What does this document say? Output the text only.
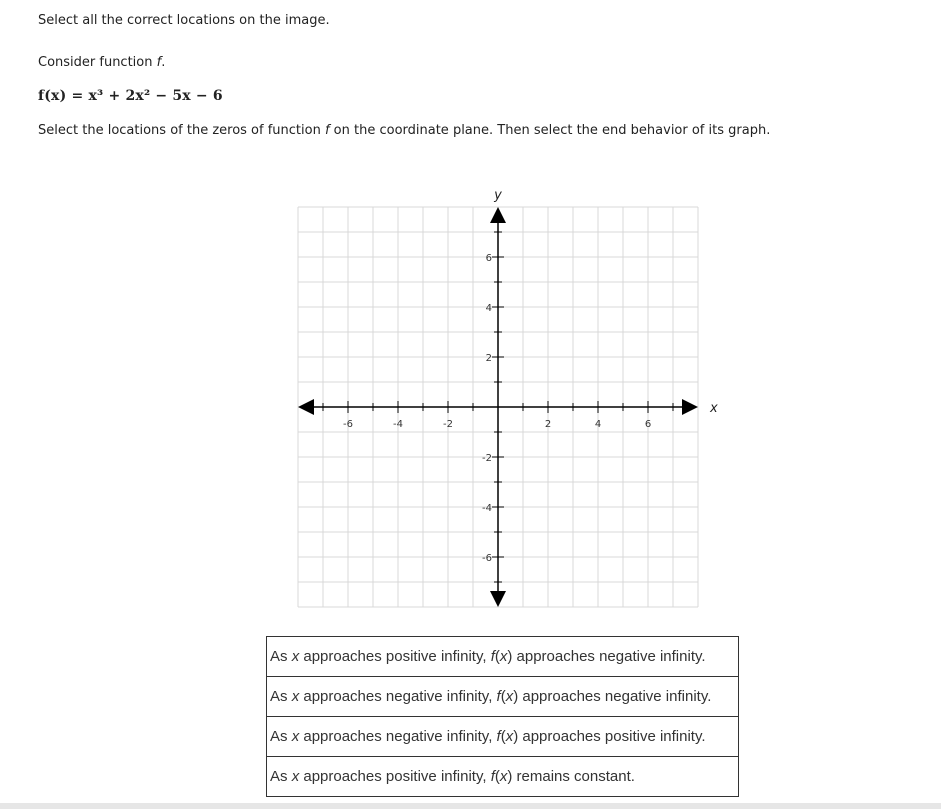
Select all the correct locations on the image.
Consider function f.
f(x) = x³ + 2x² − 5x − 6
Select the locations of the zeros of function f on the coordinate plane. Then select the end behavior of its graph.
-6	-4	-2	2	4	6
6
4
2
-2
-4
-6
x
y
As x approaches positive infinity, f(x) approaches negative infinity.
As x approaches negative infinity, f(x) approaches negative infinity.
As x approaches negative infinity, f(x) approaches positive infinity.
As x approaches positive infinity, f(x) remains constant.
